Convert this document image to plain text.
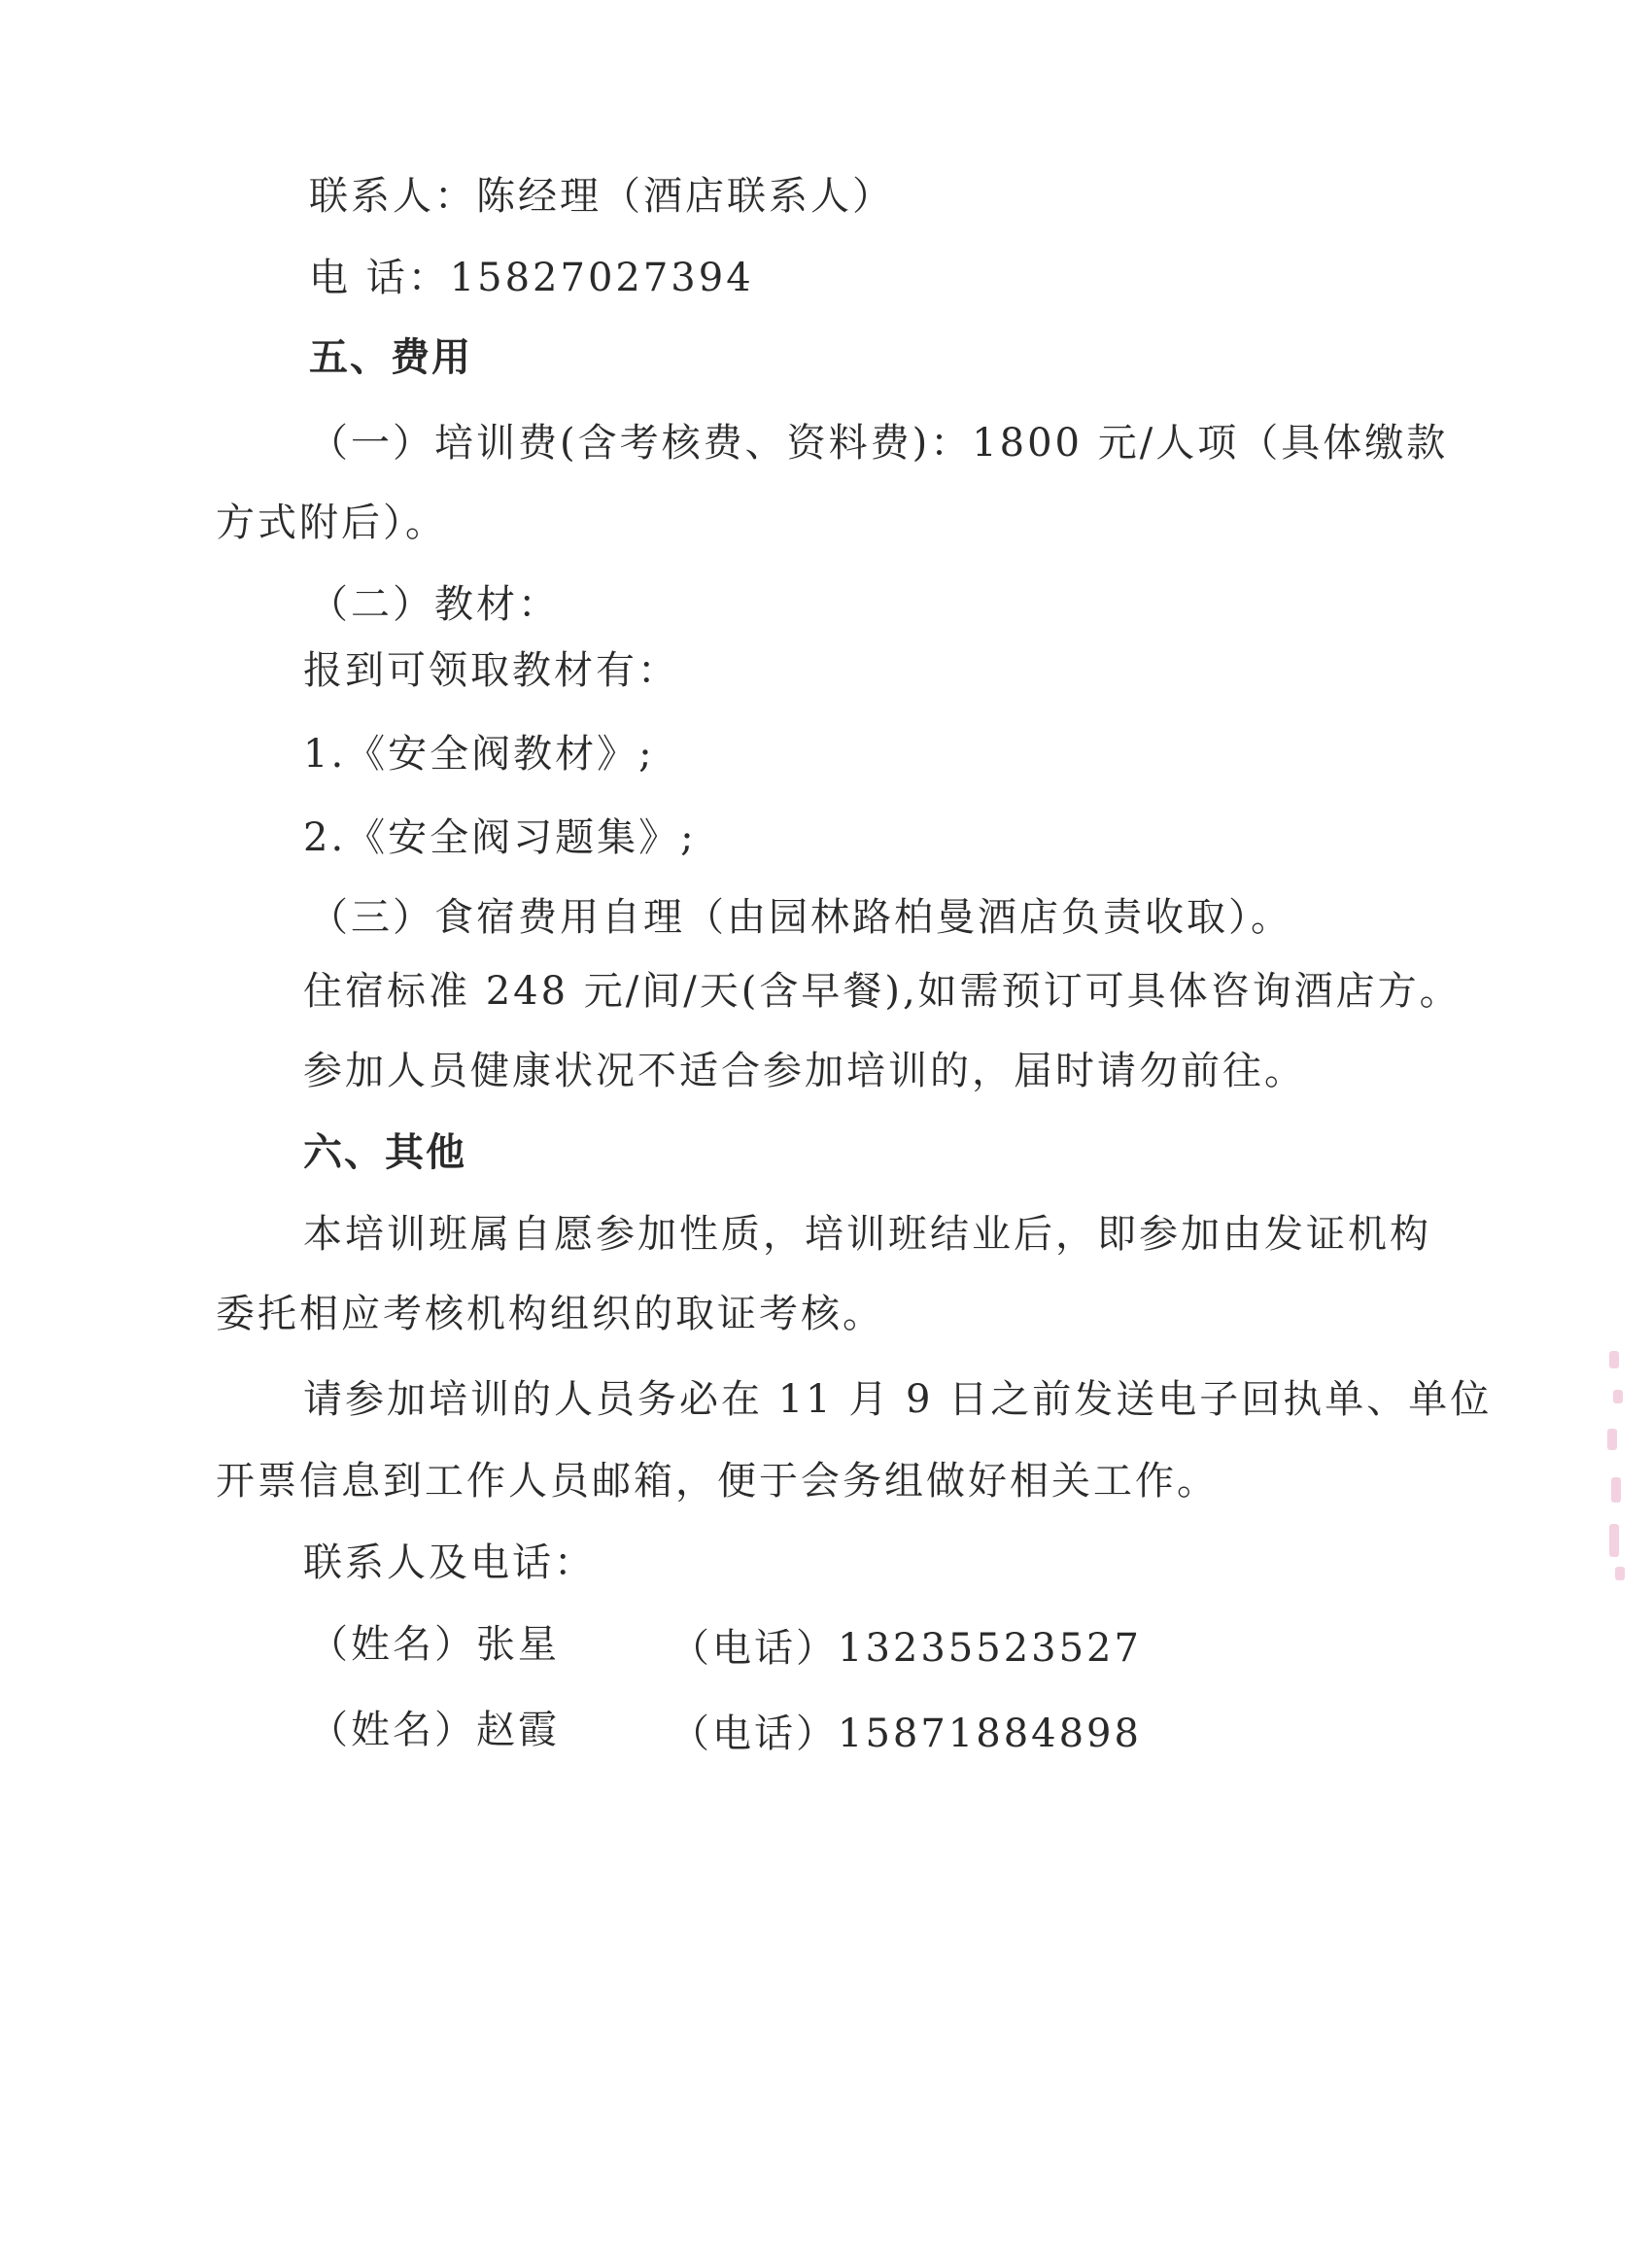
联系人：陈经理（酒店联系人）
电 话：15827027394
五、费用
（一）培训费(含考核费、资料费)：1800 元/人项（具体缴款
方式附后）。
（二）教材：
报到可领取教材有：
1.《安全阀教材》;
2.《安全阀习题集》;
（三）食宿费用自理（由园林路柏曼酒店负责收取）。
住宿标准 248 元/间/天(含早餐),如需预订可具体咨询酒店方。
参加人员健康状况不适合参加培训的，届时请勿前往。
六、其他
本培训班属自愿参加性质，培训班结业后，即参加由发证机构
委托相应考核机构组织的取证考核。
请参加培训的人员务必在 11 月 9 日之前发送电子回执单、单位
开票信息到工作人员邮箱，便于会务组做好相关工作。
联系人及电话：
（姓名）张星	（电话）13235523527
（姓名）赵霞	（电话）15871884898
